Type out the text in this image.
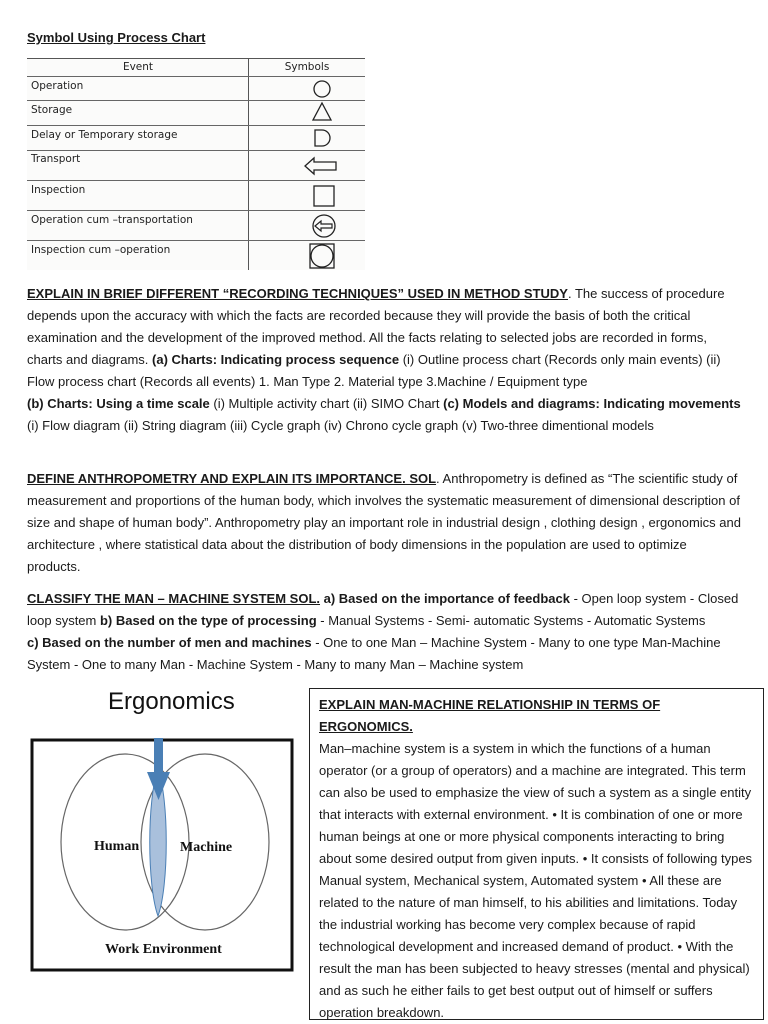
Symbol Using Process Chart
Event	Symbols
Operation
Storage
Delay or Temporary storage
Transport
Inspection
Operation cum –transportation
Inspection cum –operation
EXPLAIN IN BRIEF DIFFERENT “RECORDING TECHNIQUES” USED IN METHOD STUDY. The success of procedure depends upon the accuracy with which the facts are recorded because they will provide the basis of both the critical examination and the development of the improved method. All the facts relating to selected jobs are recorded in forms, charts and diagrams. (a) Charts: Indicating process sequence (i) Outline process chart (Records only main events) (ii) Flow process chart (Records all events) 1. Man Type 2. Material type 3.Machine / Equipment type
(b) Charts: Using a time scale (i) Multiple activity chart (ii) SIMO Chart (c) Models and diagrams: Indicating movements (i) Flow diagram (ii) String diagram (iii) Cycle graph (iv) Chrono cycle graph (v) Two-three dimentional models
DEFINE ANTHROPOMETRY AND EXPLAIN ITS IMPORTANCE. SOL. Anthropometry is defined as “The scientific study of measurement and proportions of the human body, which involves the systematic measurement of dimensional description of size and shape of human body”. Anthropometry play an important role in industrial design , clothing design , ergonomics and architecture , where statistical data about the distribution of body dimensions in the population are used to optimize products.
CLASSIFY THE MAN – MACHINE SYSTEM SOL. a) Based on the importance of feedback - Open loop system - Closed loop system b) Based on the type of processing - Manual Systems - Semi- automatic Systems - Automatic Systems
c) Based on the number of men and machines - One to one Man – Machine System - Many to one type Man-Machine System - One to many Man - Machine System - Many to many Man – Machine system
Ergonomics
Human	Machine
Work Environment
EXPLAIN MAN-MACHINE RELATIONSHIP IN TERMS OF ERGONOMICS.
Man–machine system is a system in which the functions of a human operator (or a group of operators) and a machine are integrated. This term can also be used to emphasize the view of such a system as a single entity that interacts with external environment. • It is combination of one or more human beings at one or more physical components interacting to bring about some desired output from given inputs. • It consists of following types Manual system, Mechanical system, Automated system • All these are related to the nature of man himself, to his abilities and limitations. Today the industrial working has become very complex because of rapid technological development and increased demand of product. • With the result the man has been subjected to heavy stresses (mental and physical) and as such he either fails to get best output out of himself or suffers operation breakdown.
